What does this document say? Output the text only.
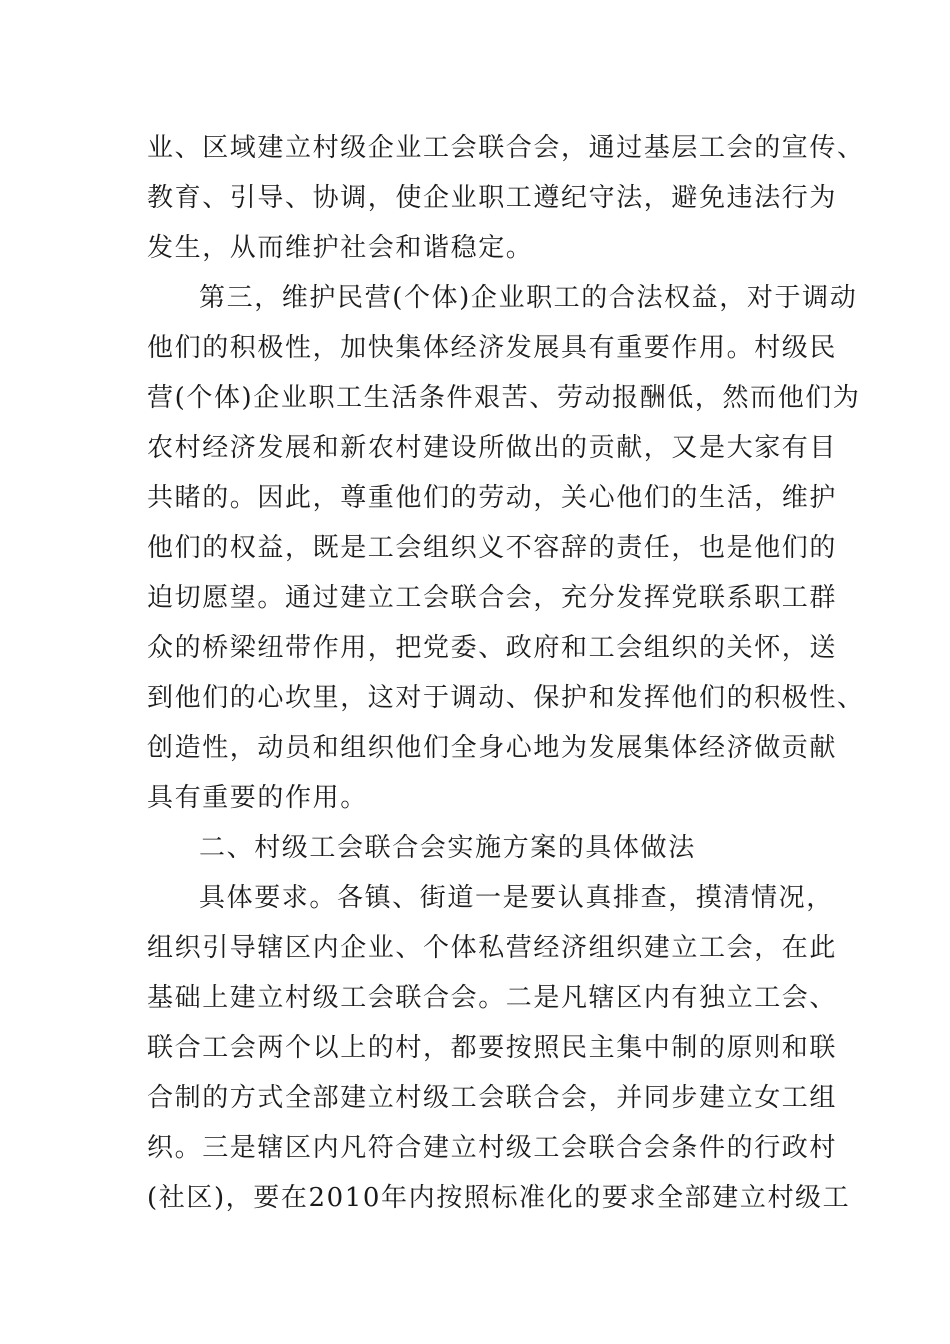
业、区域建立村级企业工会联合会，通过基层工会的宣传、
教育、引导、协调，使企业职工遵纪守法，避免违法行为
发生，从而维护社会和谐稳定。
第三，维护民营(个体)企业职工的合法权益，对于调动
他们的积极性，加快集体经济发展具有重要作用。村级民
营(个体)企业职工生活条件艰苦、劳动报酬低，然而他们为
农村经济发展和新农村建设所做出的贡献，又是大家有目
共睹的。因此，尊重他们的劳动，关心他们的生活，维护
他们的权益，既是工会组织义不容辞的责任，也是他们的
迫切愿望。通过建立工会联合会，充分发挥党联系职工群
众的桥梁纽带作用，把党委、政府和工会组织的关怀，送
到他们的心坎里，这对于调动、保护和发挥他们的积极性、
创造性，动员和组织他们全身心地为发展集体经济做贡献
具有重要的作用。
二、村级工会联合会实施方案的具体做法
具体要求。各镇、街道一是要认真排查，摸清情况，
组织引导辖区内企业、个体私营经济组织建立工会，在此
基础上建立村级工会联合会。二是凡辖区内有独立工会、
联合工会两个以上的村，都要按照民主集中制的原则和联
合制的方式全部建立村级工会联合会，并同步建立女工组
织。三是辖区内凡符合建立村级工会联合会条件的行政村
(社区)，要在2010年内按照标准化的要求全部建立村级工
